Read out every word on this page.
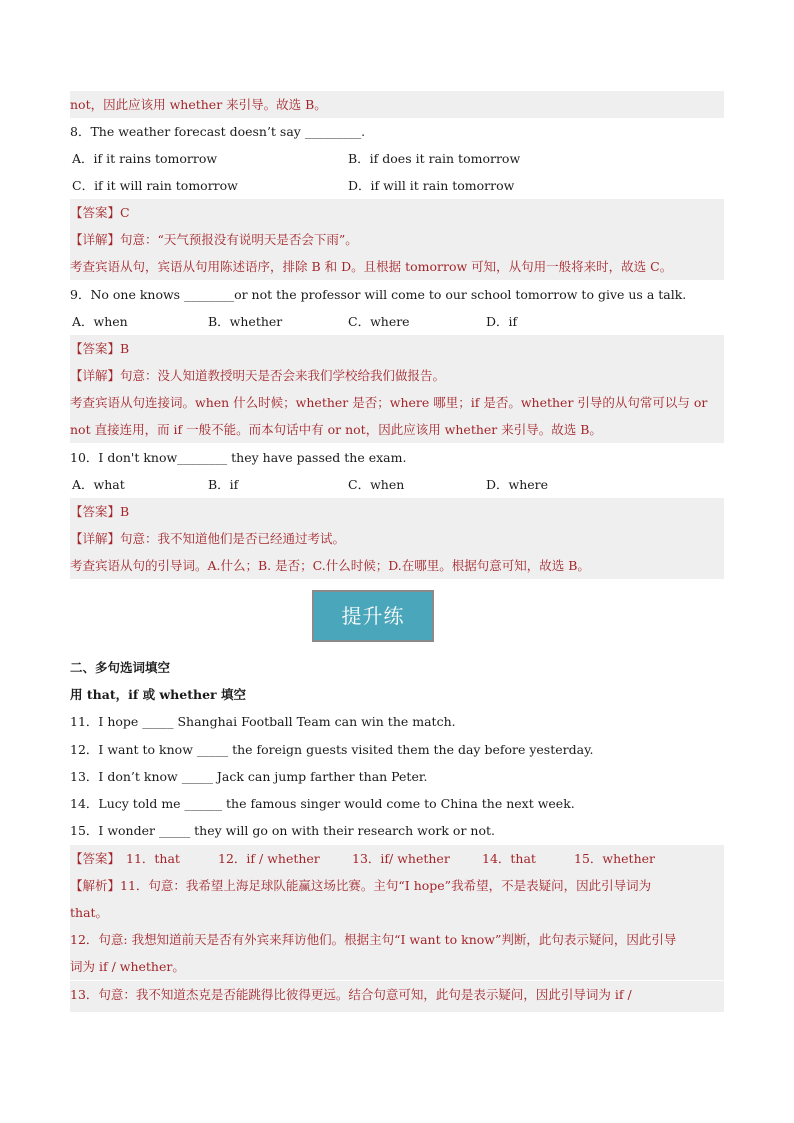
not，因此应该用 whether 来引导。故选 B。
8．The weather forecast doesn’t say _________.
A．if it rains tomorrow	B．if does it rain tomorrow
C．if it will rain tomorrow	D．if will it rain tomorrow
【答案】C
【详解】句意：“天气预报没有说明天是否会下雨”。
考查宾语从句，宾语从句用陈述语序，排除 B 和 D。且根据 tomorrow 可知，从句用一般将来时，故选 C。
9．No one knows ________or not the professor will come to our school tomorrow to give us a talk.
A．when	B．whether	C．where	D．if
【答案】B
【详解】句意：没人知道教授明天是否会来我们学校给我们做报告。
考查宾语从句连接词。when 什么时候；whether 是否；where 哪里；if 是否。whether 引导的从句常可以与 or
not 直接连用，而 if 一般不能。而本句话中有 or not，因此应该用 whether 来引导。故选 B。
10．I don't know________ they have passed the exam.
A．what	B．if	C．when	D．where
【答案】B
【详解】句意：我不知道他们是否已经通过考试。
考查宾语从句的引导词。A.什么；B. 是否；C.什么时候；D.在哪里。根据句意可知，故选 B。
提升练
二、多句选词填空
用 that，if 或 whether 填空
11．I hope _____ Shanghai Football Team can win the match.
12．I want to know _____ the foreign guests visited them the day before yesterday.
13．I don’t know _____ Jack can jump farther than Peter.
14．Lucy told me ______ the famous singer would come to China the next week.
15．I wonder _____ they will go on with their research work or not.
【答案】 11．that	12．if / whether	13．if/ whether	14．that	15．whether
【解析】11．句意：我希望上海足球队能赢这场比赛。主句“I hope”我希望，不是表疑问，因此引导词为
that。
12．句意: 我想知道前天是否有外宾来拜访他们。根据主句“I want to know”判断，此句表示疑问，因此引导
词为 if / whether。
13．句意：我不知道杰克是否能跳得比彼得更远。结合句意可知，此句是表示疑问，因此引导词为 if /
